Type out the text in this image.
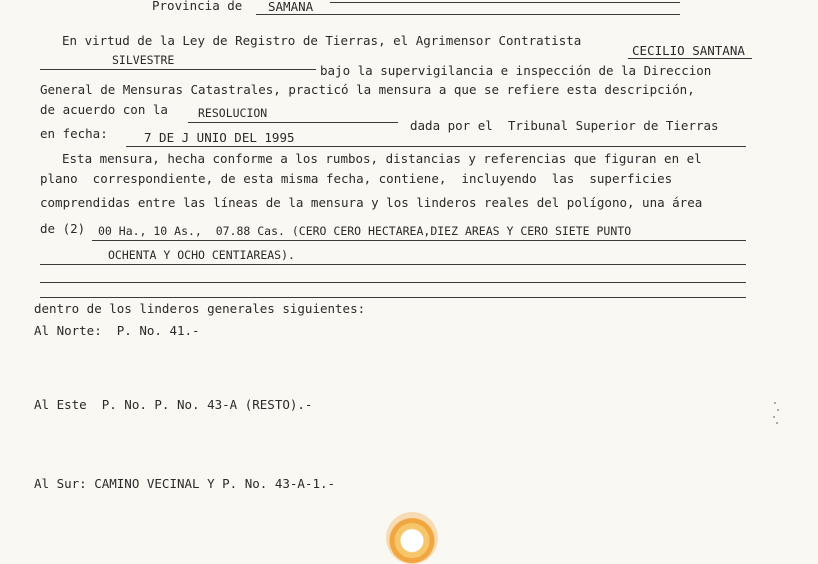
Provincia de SAMANA
En virtud de la Ley de Registro de Tierras, el Agrimensor Contratista
CECILIO SANTANA
SILVESTRE
bajo la supervigilancia e inspección de la Direccion
General de Mensuras Catastrales, practicó la mensura a que se refiere esta descripción,
de acuerdo con la	RESOLUCION
dada por el  Tribunal Superior de Tierras
en fecha:	7 DE J UNIO DEL 1995
Esta mensura, hecha conforme a los rumbos, distancias y referencias que figuran en el
plano  correspondiente, de esta misma fecha, contiene,  incluyendo  las  superficies
comprendidas entre las líneas de la mensura y los linderos reales del polígono, una área
de (2) 00 Ha., 10 As.,  07.88 Cas. (CERO CERO HECTAREA,DIEZ AREAS Y CERO SIETE PUNTO
OCHENTA Y OCHO CENTIAREAS).
dentro de los linderos generales siguientes:
Al Norte:  P. No. 41.-
Al Este  P. No. P. No. 43-A (RESTO).-
Al Sur: CAMINO VECINAL Y P. No. 43-A-1.-
